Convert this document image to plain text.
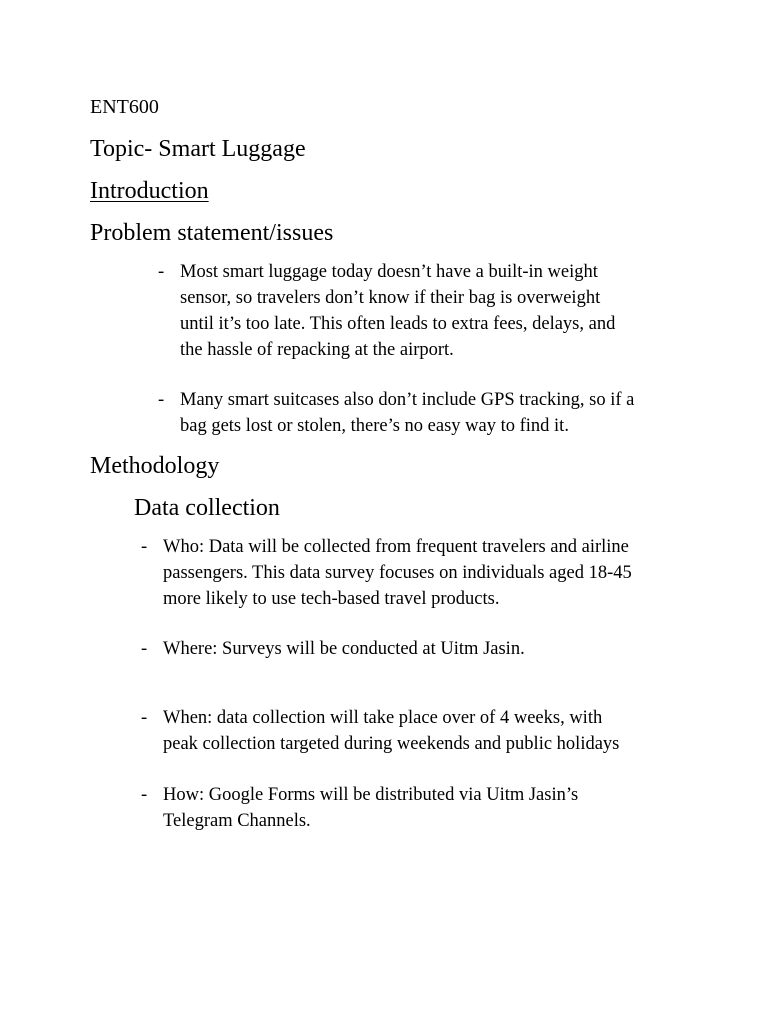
ENT600

Topic- Smart Luggage

Introduction

Problem statement/issues

- Most smart luggage today doesn’t have a built-in weight
sensor, so travelers don’t know if their bag is overweight
until it’s too late. This often leads to extra fees, delays, and
the hassle of repacking at the airport.
- Many smart suitcases also don’t include GPS tracking, so if a
bag gets lost or stolen, there’s no easy way to find it.

Methodology

Data collection

- Who: Data will be collected from frequent travelers and airline
passengers. This data survey focuses on individuals aged 18-45
more likely to use tech-based travel products.
- Where: Surveys will be conducted at Uitm Jasin.
- When: data collection will take place over of 4 weeks, with
peak collection targeted during weekends and public holidays
- How: Google Forms will be distributed via Uitm Jasin’s
Telegram Channels.
